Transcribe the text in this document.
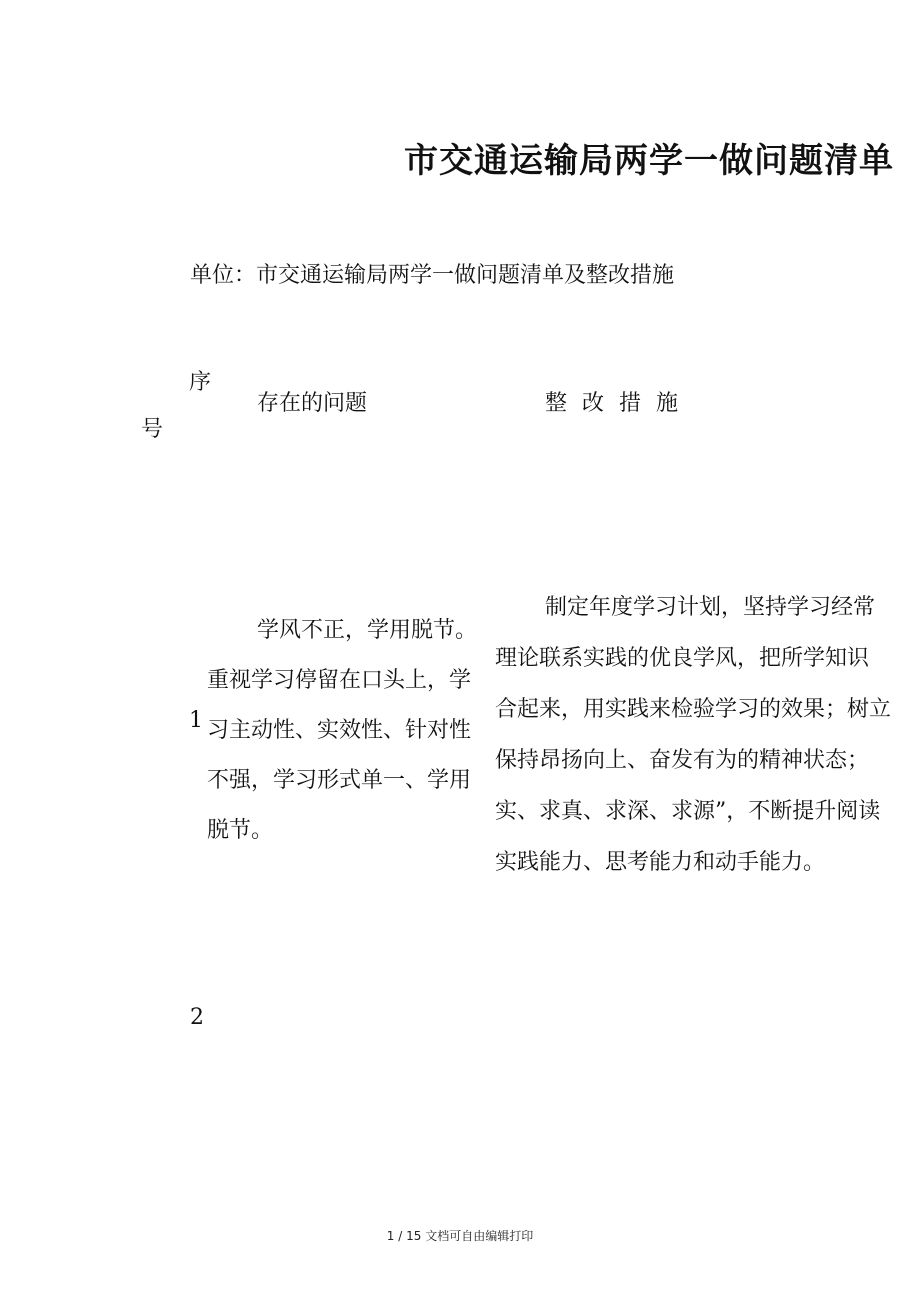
市交通运输局两学一做问题清单
单位：市交通运输局两学一做问题清单及整改措施
序
号
存在的问题	整 改 措 施
1

学风不正，学用脱节。

重视学习停留在口头上，学

习主动性、实效性、针对性

不强，学习形式单一、学用

脱节。

制定年度学习计划，坚持学习经常

理论联系实践的优良学风，把所学知识

合起来，用实践来检验学习的效果；树立

保持昂扬向上、奋发有为的精神状态；

实、求真、求深、求源”，不断提升阅读

实践能力、思考能力和动手能力。

2
1 / 15 文档可自由编辑打印
